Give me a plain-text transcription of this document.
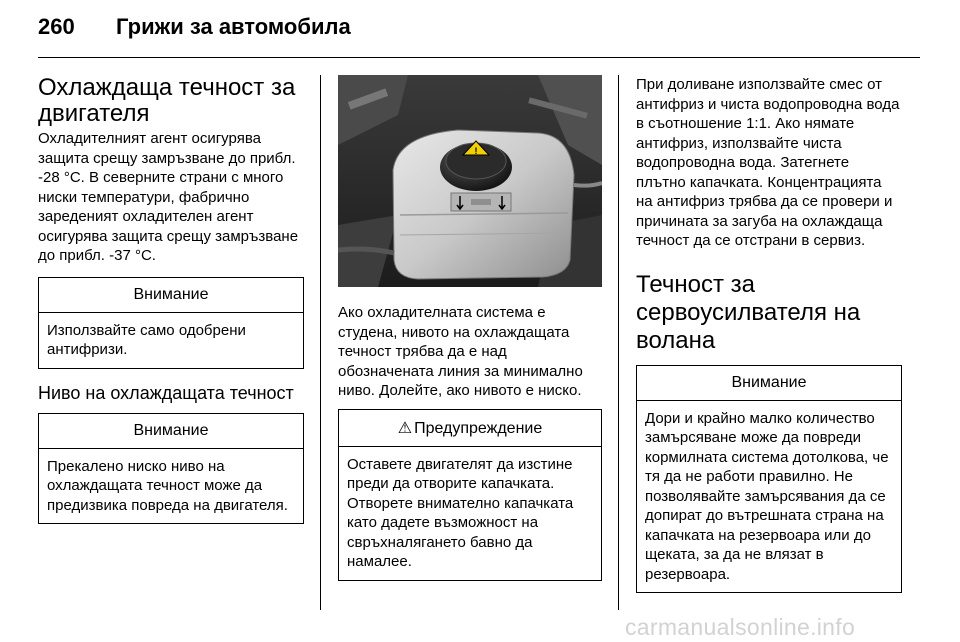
260 Грижи за автомобила
Охлаждаща течност за двигателя

Охладителният агент осигурява защита срещу замръзване до прибл. -28 °C. В северните страни с много ниски температури, фабрично зареденият охладителен агент осигурява защита срещу замръзване до прибл. -37 °C.

Внимание
Използвайте само одобрени антифризи.
Ниво на охлаждащата течност
Внимание
Прекалено ниско ниво на охлаждащата течност може да предизвика повреда на двигателя.
!

Ако охладителната система е студена, нивото на охлаждащата течност трябва да е над обозначената линия за минимално ниво. Долейте, ако нивото е ниско.

⚠ Предупреждение
Оставете двигателят да изстине преди да отворите капачката. Отворете внимателно капачката като дадете възможност на свръхналягането бавно да намалее.

При доливане използвайте смес от антифриз и чиста водопроводна вода в съотношение 1:1. Ако нямате антифриз, използвайте чиста водопроводна вода. Затегнете плътно капачката. Концентрацията на антифриз трябва да се провери и причината за загуба на охлаждаща течност да се отстрани в сервиз.

Течност за сервоусилвателя на волана
Внимание
Дори и крайно малко количество замърсяване може да повреди кормилната система дотолкова, че тя да не работи правилно. Не позволявайте замърсявания да се допират до вътрешната страна на капачката на резервоара или до щеката, за да не влязат в резервоара.
carmanualsonline.info
